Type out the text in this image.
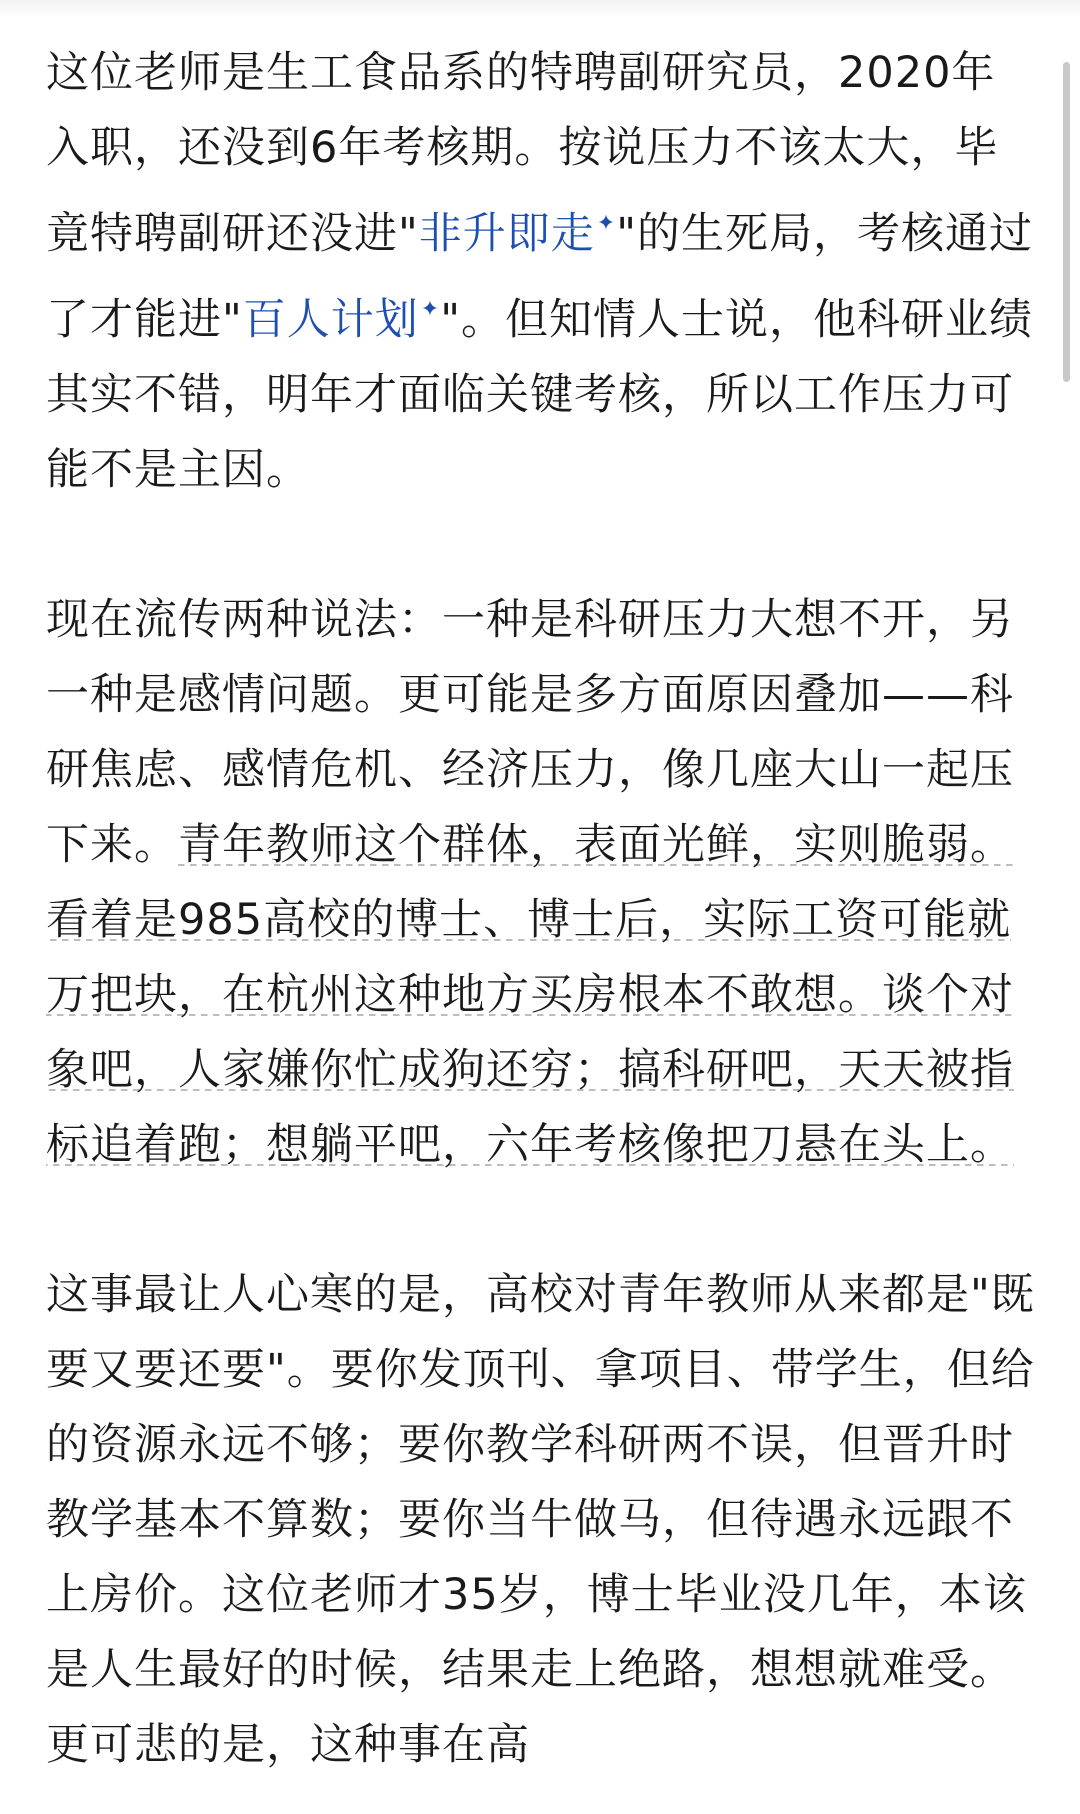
这位老师是生工食品系的特聘副研究员，2020年入职，还没到6年考核期。按说压力不该太大，毕竟特聘副研还没进"非升即走✦"的生死局，考核通过了才能进"百人计划✦"。但知情人士说，他科研业绩其实不错，明年才面临关键考核，所以工作压力可能不是主因。

现在流传两种说法：一种是科研压力大想不开，另一种是感情问题。更可能是多方面原因叠加——科研焦虑、感情危机、经济压力，像几座大山一起压下来。青年教师这个群体，表面光鲜，实则脆弱。看着是985高校的博士、博士后，实际工资可能就万把块，在杭州这种地方买房根本不敢想。谈个对象吧，人家嫌你忙成狗还穷；搞科研吧，天天被指标追着跑；想躺平吧，六年考核像把刀悬在头上。

这事最让人心寒的是，高校对青年教师从来都是"既要又要还要"。要你发顶刊、拿项目、带学生，但给的资源永远不够；要你教学科研两不误，但晋升时教学基本不算数；要你当牛做马，但待遇永远跟不上房价。这位老师才35岁，博士毕业没几年，本该是人生最好的时候，结果走上绝路，想想就难受。更可悲的是，这种事在高
